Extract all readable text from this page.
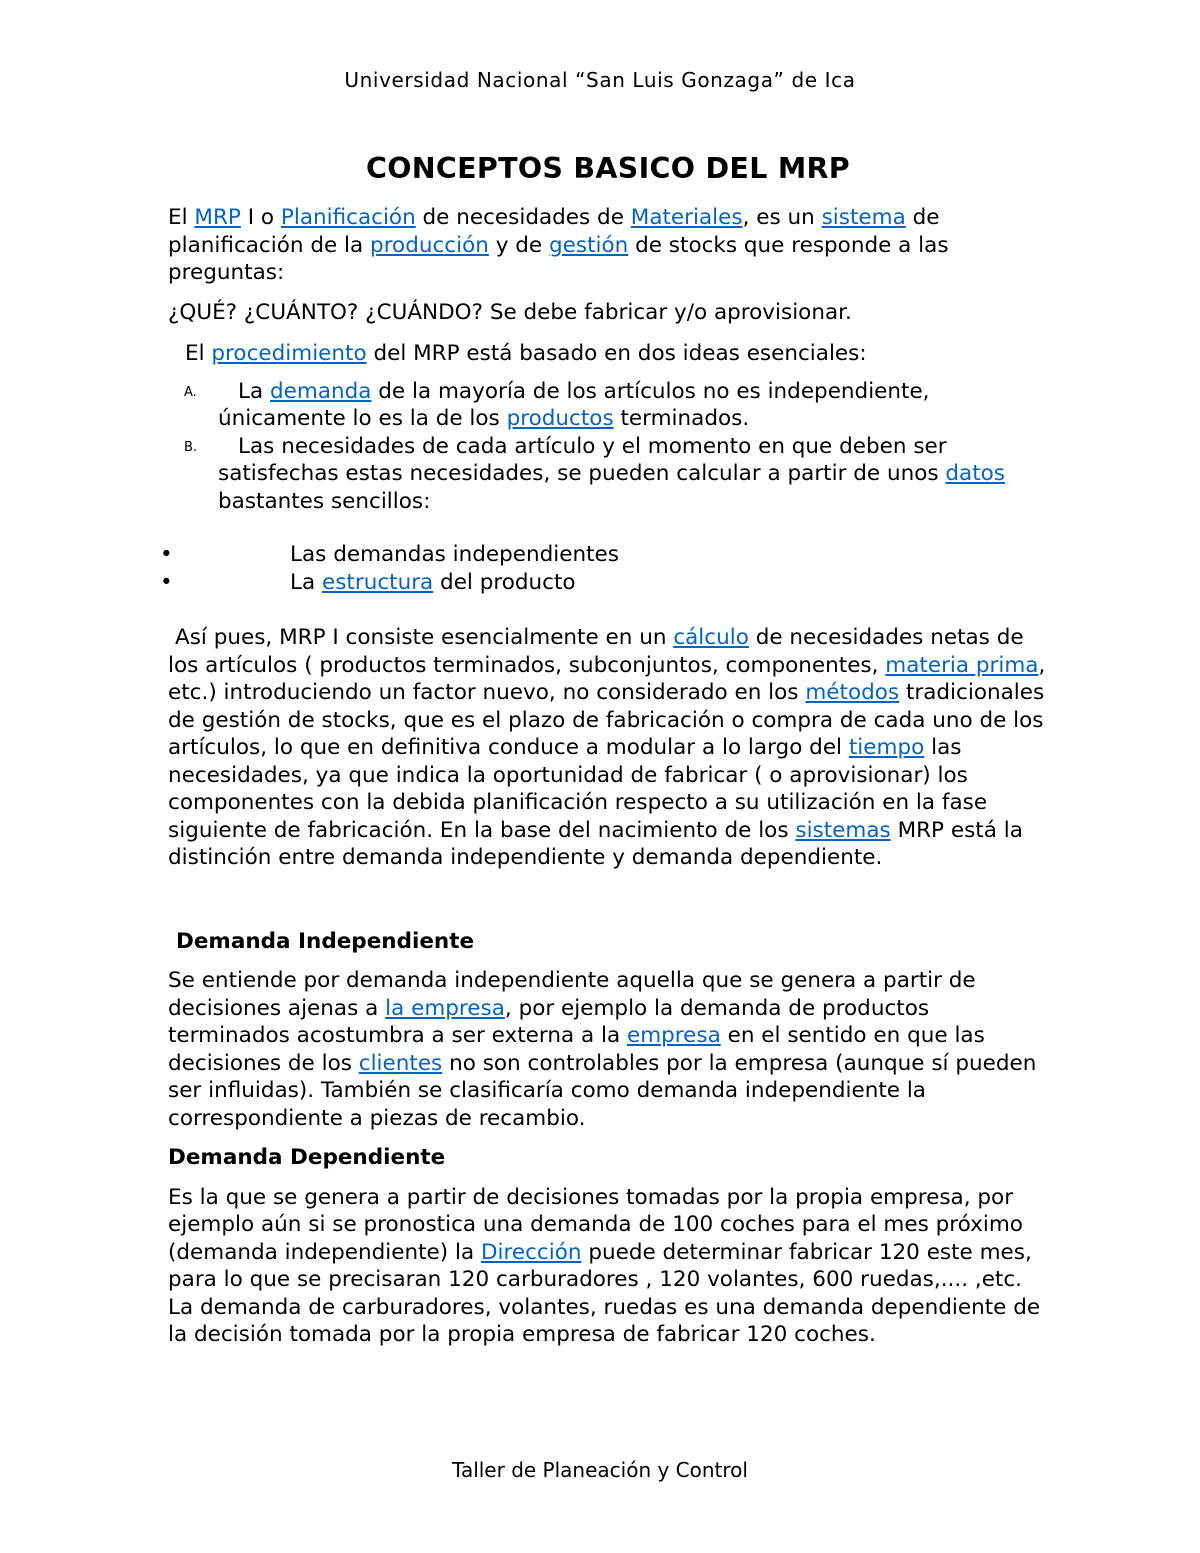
Universidad Nacional “San Luis Gonzaga” de Ica
CONCEPTOS BASICO DEL MRP

El MRP I o Planificación de necesidades de Materiales, es un sistema de planificación de la producción y de gestión de stocks que responde a las preguntas:

¿QUÉ? ¿CUÁNTO? ¿CUÁNDO? Se debe fabricar y/o aprovisionar.

El procedimiento del MRP está basado en dos ideas esenciales:

A. La demanda de la mayoría de los artículos no es independiente, únicamente lo es la de los productos terminados.
B. Las necesidades de cada artículo y el momento en que deben ser satisfechas estas necesidades, se pueden calcular a partir de unos datos bastantes sencillos:
•	Las demandas independientes
•	La estructura del producto

Así pues, MRP I consiste esencialmente en un cálculo de necesidades netas de los artículos ( productos terminados, subconjuntos, componentes, materia prima, etc.) introduciendo un factor nuevo, no considerado en los métodos tradicionales de gestión de stocks, que es el plazo de fabricación o compra de cada uno de los artículos, lo que en definitiva conduce a modular a lo largo del tiempo las necesidades, ya que indica la oportunidad de fabricar ( o aprovisionar) los componentes con la debida planificación respecto a su utilización en la fase siguiente de fabricación. En la base del nacimiento de los sistemas MRP está la distinción entre demanda independiente y demanda dependiente.

Demanda Independiente

Se entiende por demanda independiente aquella que se genera a partir de decisiones ajenas a la empresa, por ejemplo la demanda de productos terminados acostumbra a ser externa a la empresa en el sentido en que las decisiones de los clientes no son controlables por la empresa (aunque sí pueden ser influidas). También se clasificaría como demanda independiente la correspondiente a piezas de recambio.

Demanda Dependiente

Es la que se genera a partir de decisiones tomadas por la propia empresa, por ejemplo aún si se pronostica una demanda de 100 coches para el mes próximo (demanda independiente) la Dirección puede determinar fabricar 120 este mes, para lo que se precisaran 120 carburadores , 120 volantes, 600 ruedas,.... ,etc. La demanda de carburadores, volantes, ruedas es una demanda dependiente de la decisión tomada por la propia empresa de fabricar 120 coches.

Taller de Planeación y Control
